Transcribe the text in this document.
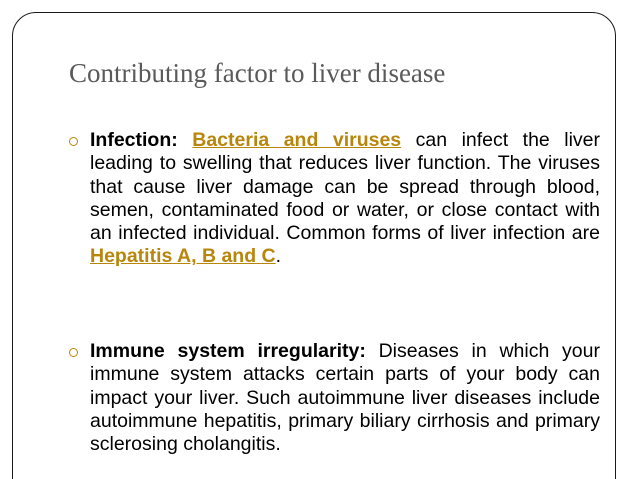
Contributing factor to liver disease

Infection: Bacteria and viruses can infect the liver leading to swelling that reduces liver function. The viruses that cause liver damage can be spread through blood, semen, contaminated food or water, or close contact with an infected individual. Common forms of liver infection are Hepatitis A, B and C.

Immune system irregularity: Diseases in which your immune system attacks certain parts of your body can impact your liver. Such autoimmune liver diseases include autoimmune hepatitis, primary biliary cirrhosis and primary sclerosing cholangitis.
